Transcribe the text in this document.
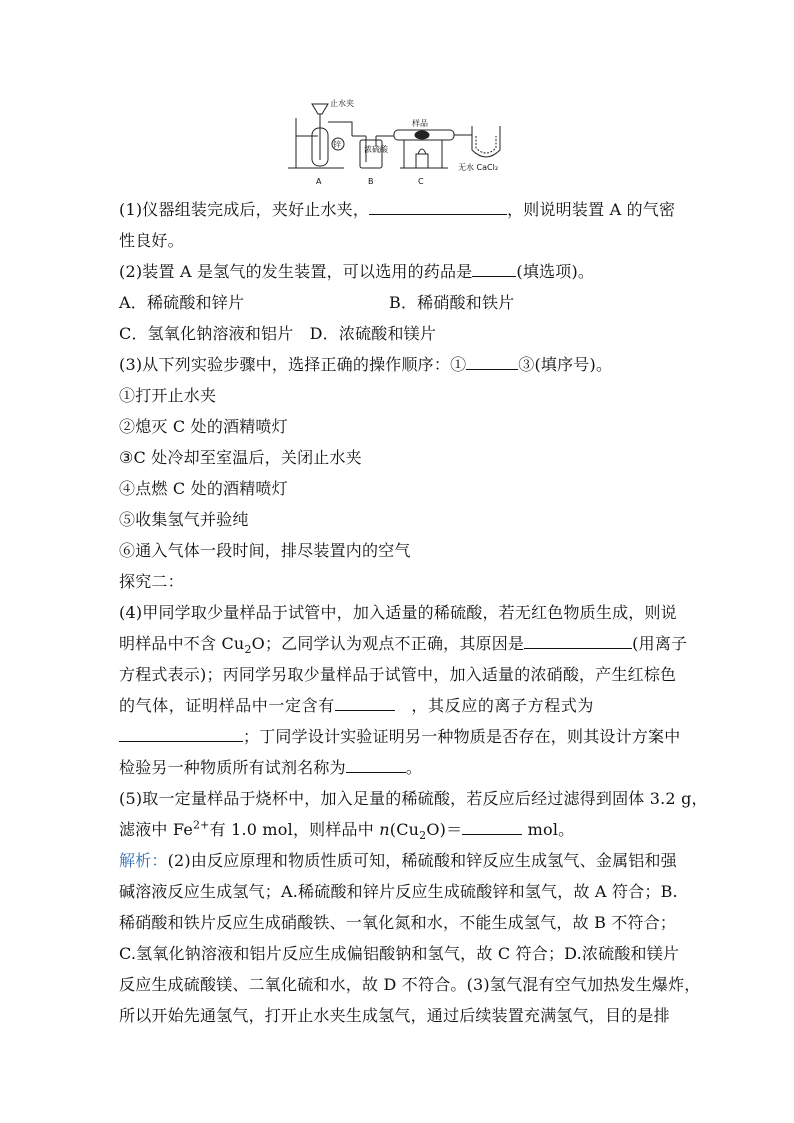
止水夹
锌
浓硫酸
样品
无水 CaCl₂
A	B	C
(1)仪器组装完成后，夹好止水夹，	，则说明装置 A 的气密
性良好。
(2)装置 A 是氢气的发生装置，可以选用的药品是	(填选项)。
A．稀硫酸和锌片	B．稀硝酸和铁片
C．氢氧化钠溶液和铝片　D．浓硫酸和镁片
(3)从下列实验步骤中，选择正确的操作顺序：①	③(填序号)。
①打开止水夹
②熄灭 C 处的酒精喷灯
③C 处冷却至室温后，关闭止水夹
④点燃 C 处的酒精喷灯
⑤收集氢气并验纯
⑥通入气体一段时间，排尽装置内的空气
探究二：
(4)甲同学取少量样品于试管中，加入适量的稀硫酸，若无红色物质生成，则说
明样品中不含 $Cu_2O$；乙同学认为观点不正确，其原因是	(用离子
方程式表示)；丙同学另取少量样品于试管中，加入适量的浓硝酸，产生红棕色
的气体，证明样品中一定含有　	，其反应的离子方程式为
；丁同学设计实验证明另一种物质是否存在，则其设计方案中
检验另一种物质所有试剂名称为	。
(5)取一定量样品于烧杯中，加入足量的稀硫酸，若反应后经过滤得到固体 3.2 g，
滤液中 $Fe^{2+}$有 1.0 mol，则样品中 $n(Cu_2O)=$	mol。
解析：(2)由反应原理和物质性质可知，稀硫酸和锌反应生成氢气、金属铝和强
碱溶液反应生成氢气；A.稀硫酸和锌片反应生成硫酸锌和氢气，故 A 符合；B.
稀硝酸和铁片反应生成硝酸铁、一氧化氮和水，不能生成氢气，故 B 不符合；
C.氢氧化钠溶液和铝片反应生成偏铝酸钠和氢气，故 C 符合；D.浓硫酸和镁片
反应生成硫酸镁、二氧化硫和水，故 D 不符合。(3)氢气混有空气加热发生爆炸，
所以开始先通氢气，打开止水夹生成氢气，通过后续装置充满氢气，目的是排
